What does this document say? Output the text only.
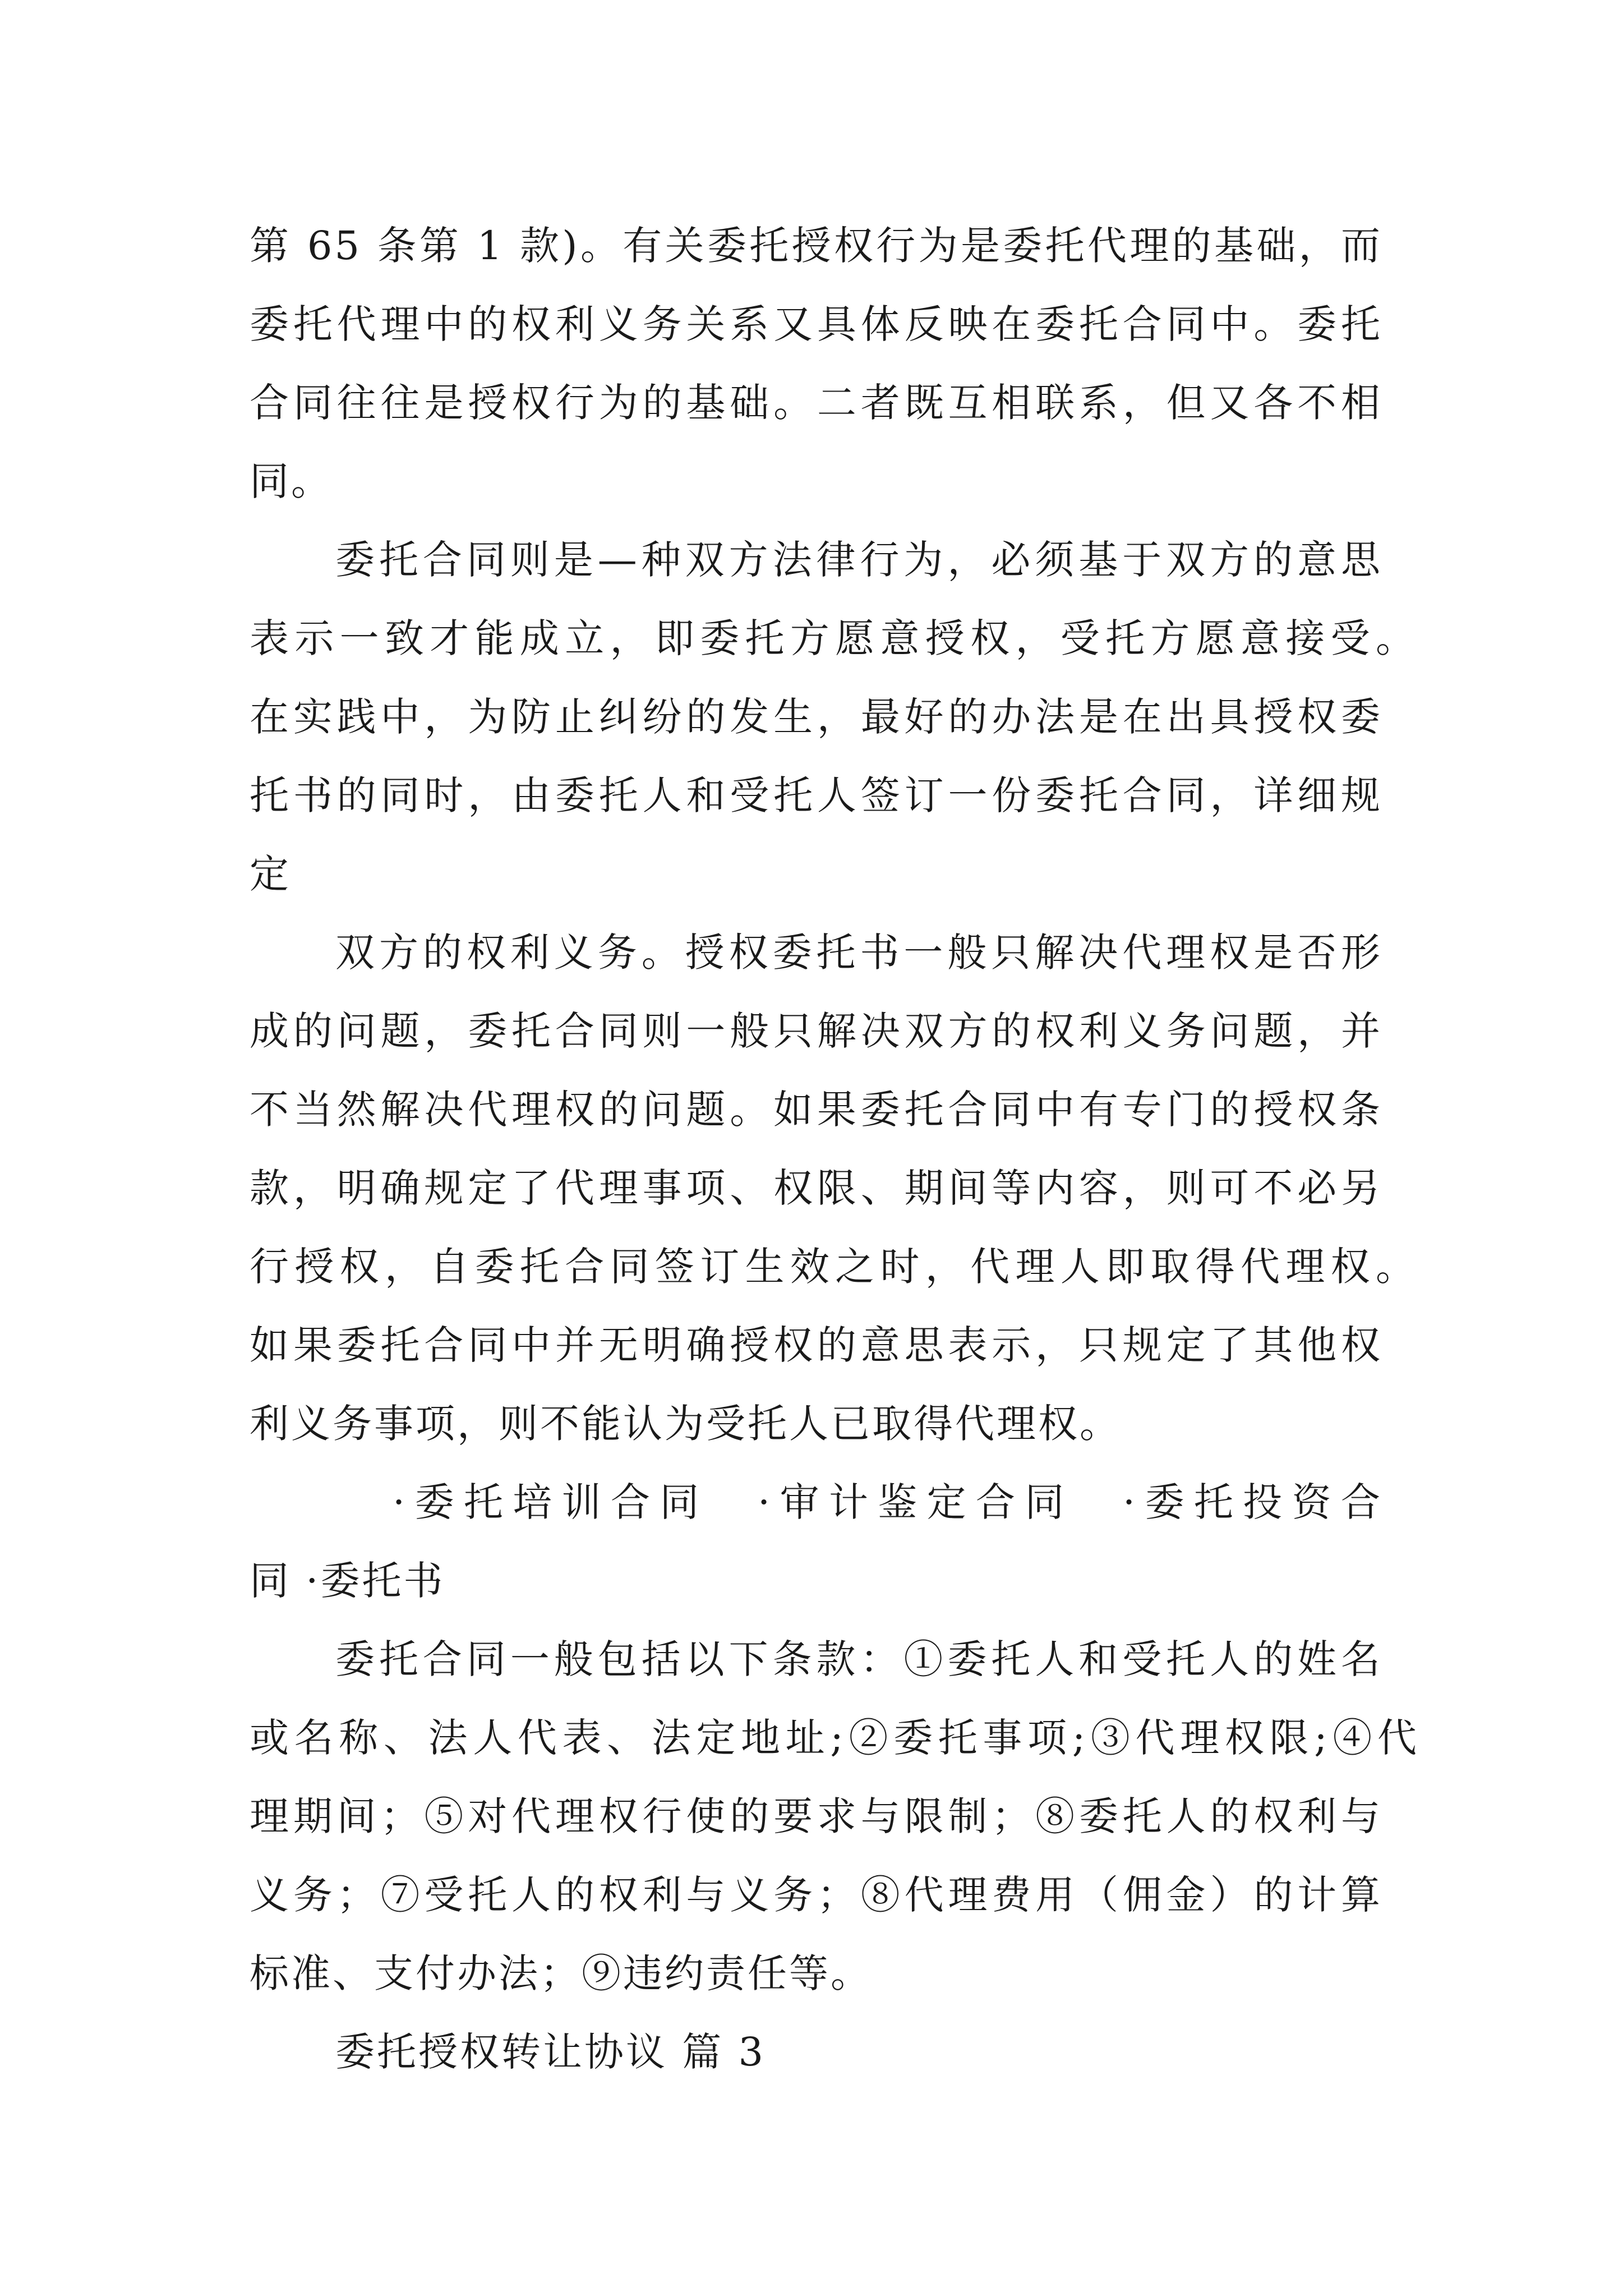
第 65 条第 1 款)。有关委托授权行为是委托代理的基础，而
委托代理中的权利义务关系又具体反映在委托合同中。委托
合同往往是授权行为的基础。二者既互相联系，但又各不相
同。
委托合同则是—种双方法律行为，必须基于双方的意思
表示一致才能成立，即委托方愿意授权，受托方愿意接受。
在实践中，为防止纠纷的发生，最好的办法是在出具授权委
托书的同时，由委托人和受托人签订一份委托合同，详细规
定
双方的权利义务。授权委托书一般只解决代理权是否形
成的问题，委托合同则一般只解决双方的权利义务问题，并
不当然解决代理权的问题。如果委托合同中有专门的授权条
款，明确规定了代理事项、权限、期间等内容，则可不必另
行授权，自委托合同签订生效之时，代理人即取得代理权。
如果委托合同中并无明确授权的意思表示，只规定了其他权
利义务事项，则不能认为受托人已取得代理权。
·委托培训合同　·审计鉴定合同　·委托投资合
同 ·委托书
委托合同一般包括以下条款：①委托人和受托人的姓名
或名称、法人代表、法定地址;②委托事项;③代理权限;④代
理期间；⑤对代理权行使的要求与限制；⑧委托人的权利与
义务；⑦受托人的权利与义务；⑧代理费用（佣金）的计算
标准、支付办法；⑨违约责任等。
委托授权转让协议 篇 3
